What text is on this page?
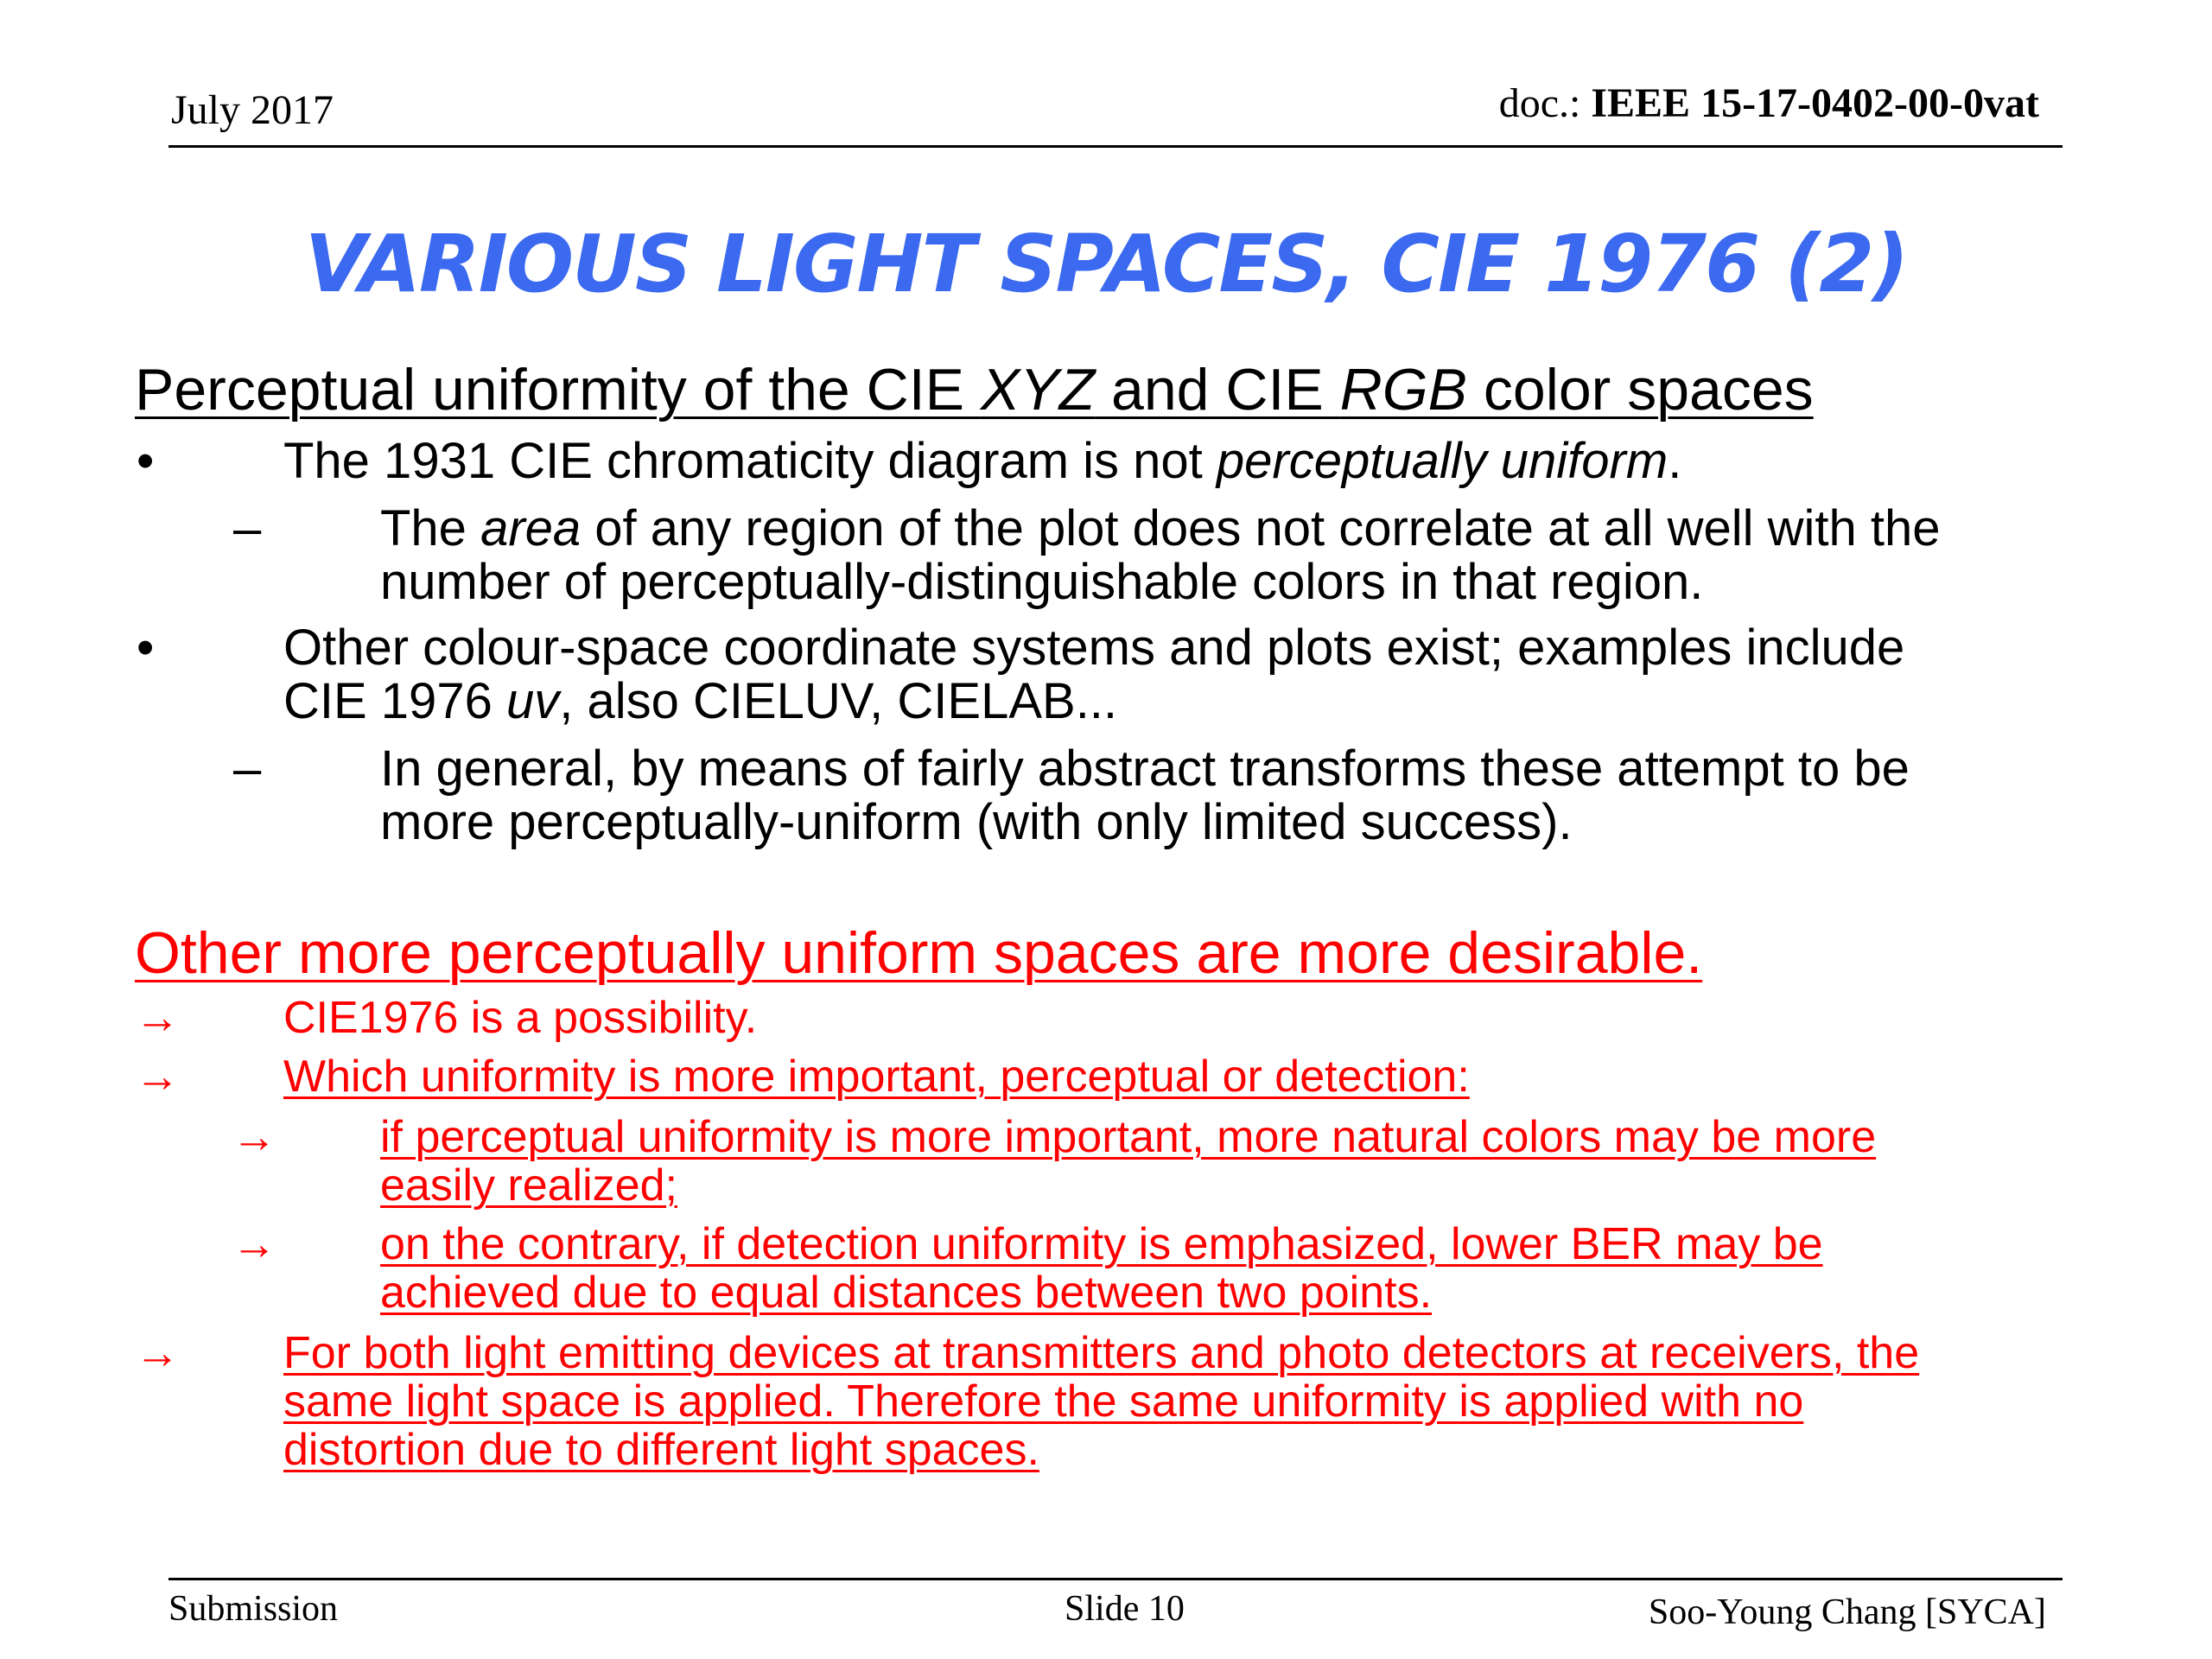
July 2017	doc.: IEEE 15-17-0402-00-0vat
VARIOUS LIGHT SPACES, CIE 1976 (2)
Perceptual uniformity of the CIE XYZ and CIE RGB color spaces
•	The 1931 CIE chromaticity diagram is not perceptually uniform.
– The area of any region of the plot does not correlate at all well with the
number of perceptually-distinguishable colors in that region.
•	Other colour-space coordinate systems and plots exist; examples include
CIE 1976 uv, also CIELUV, CIELAB...
– In general, by means of fairly abstract transforms these attempt to be
more perceptually-uniform (with only limited success).
Other more perceptually uniform spaces are more desirable.
→ CIE1976 is a possibility.
→ Which uniformity is more important, perceptual or detection:
→ if perceptual uniformity is more important, more natural colors may be more
easily realized;
→ on the contrary, if detection uniformity is emphasized, lower BER may be
achieved due to equal distances between two points.
→ For both light emitting devices at transmitters and photo detectors at receivers, the
same light space is applied. Therefore the same uniformity is applied with no
distortion due to different light spaces.
Submission	Slide 10	Soo-Young Chang [SYCA]
